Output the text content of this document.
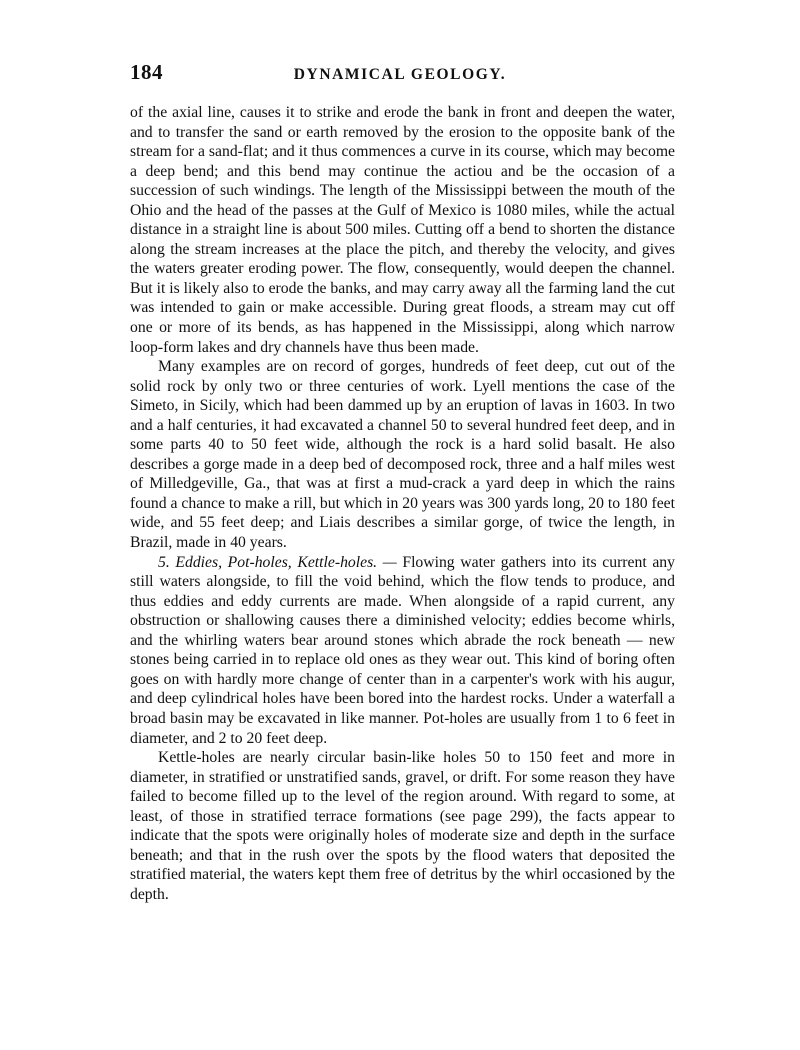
184	DYNAMICAL GEOLOGY.

of the axial line, causes it to strike and erode the bank in front and deepen the water, and to transfer the sand or earth removed by the erosion to the opposite bank of the stream for a sand-flat; and it thus commences a curve in its course, which may become a deep bend; and this bend may continue the actiou and be the occasion of a succession of such windings. The length of the Mississippi between the mouth of the Ohio and the head of the passes at the Gulf of Mexico is 1080 miles, while the actual distance in a straight line is about 500 miles. Cutting off a bend to shorten the distance along the stream increases at the place the pitch, and thereby the velocity, and gives the waters greater eroding power. The flow, consequently, would deepen the channel. But it is likely also to erode the banks, and may carry away all the farming land the cut was intended to gain or make accessible. During great floods, a stream may cut off one or more of its bends, as has happened in the Mississippi, along which narrow loop-form lakes and dry channels have thus been made.

Many examples are on record of gorges, hundreds of feet deep, cut out of the solid rock by only two or three centuries of work. Lyell mentions the case of the Simeto, in Sicily, which had been dammed up by an eruption of lavas in 1603. In two and a half centuries, it had excavated a channel 50 to several hundred feet deep, and in some parts 40 to 50 feet wide, although the rock is a hard solid basalt. He also describes a gorge made in a deep bed of decomposed rock, three and a half miles west of Milledgeville, Ga., that was at first a mud-crack a yard deep in which the rains found a chance to make a rill, but which in 20 years was 300 yards long, 20 to 180 feet wide, and 55 feet deep; and Liais describes a similar gorge, of twice the length, in Brazil, made in 40 years.

5. Eddies, Pot-holes, Kettle-holes. — Flowing water gathers into its current any still waters alongside, to fill the void behind, which the flow tends to produce, and thus eddies and eddy currents are made. When alongside of a rapid current, any obstruction or shallowing causes there a diminished velocity; eddies become whirls, and the whirling waters bear around stones which abrade the rock beneath — new stones being carried in to replace old ones as they wear out. This kind of boring often goes on with hardly more change of center than in a carpenter's work with his augur, and deep cylindrical holes have been bored into the hardest rocks. Under a waterfall a broad basin may be excavated in like manner. Pot-holes are usually from 1 to 6 feet in diameter, and 2 to 20 feet deep.

Kettle-holes are nearly circular basin-like holes 50 to 150 feet and more in diameter, in stratified or unstratified sands, gravel, or drift. For some reason they have failed to become filled up to the level of the region around. With regard to some, at least, of those in stratified terrace formations (see page 299), the facts appear to indicate that the spots were originally holes of moderate size and depth in the surface beneath; and that in the rush over the spots by the flood waters that deposited the stratified material, the waters kept them free of detritus by the whirl occasioned by the depth.
